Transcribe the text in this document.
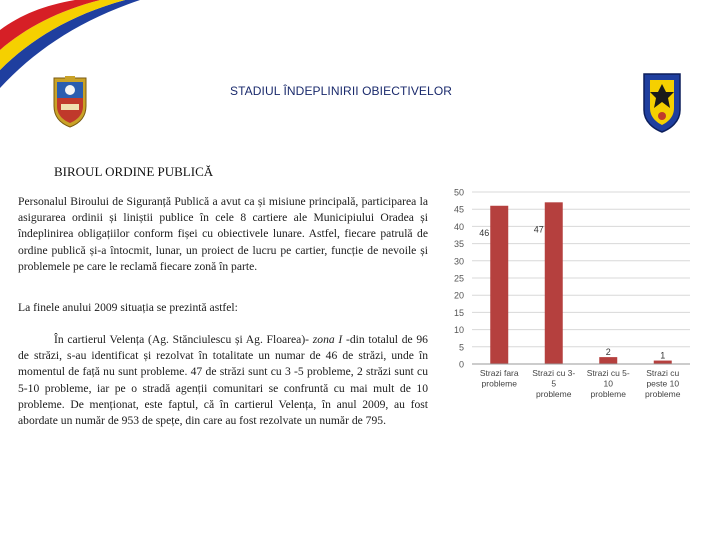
STADIUL ÎNDEPLINIRII OBIECTIVELOR
BIROUL ORDINE PUBLICĂ
Personalul Biroului de Siguranță Publică a avut ca și misiune principală, participarea la asigurarea ordinii și liniștii publice în cele 8 cartiere ale Municipiului Oradea și îndeplinirea obligațiilor conform fișei cu obiectivele lunare. Astfel, fiecare patrulă de ordine publică și-a întocmit, lunar, un proiect de lucru pe cartier, funcție de nevoile și problemele pe care le reclamă fiecare zonă în parte.
La finele anului 2009 situația se prezintă astfel:
În cartierul Velența (Ag. Stănciulescu și Ag. Floarea)- zona I -din totalul de 96 de străzi, s-au identificat și rezolvat în totalitate un numar de 46 de străzi, unde în momentul de față nu sunt probleme. 47 de străzi sunt cu 3 -5 probleme, 2 străzi sunt cu 5-10 probleme, iar pe o stradă agenții comunitari se confruntă cu mai mult de 10 probleme. De menționat, este faptul, că în cartierul Velența, în anul 2009, au fost abordate un număr de 953 de spețe, din care au fost rezolvate un număr de 795.
0
5
10
15
20
25
30
35
40
45
50
46
Strazi fara probleme
47
Strazi cu 3-5 probleme
2
Strazi cu 5-10 probleme
1
Strazi cu peste 10 probleme
